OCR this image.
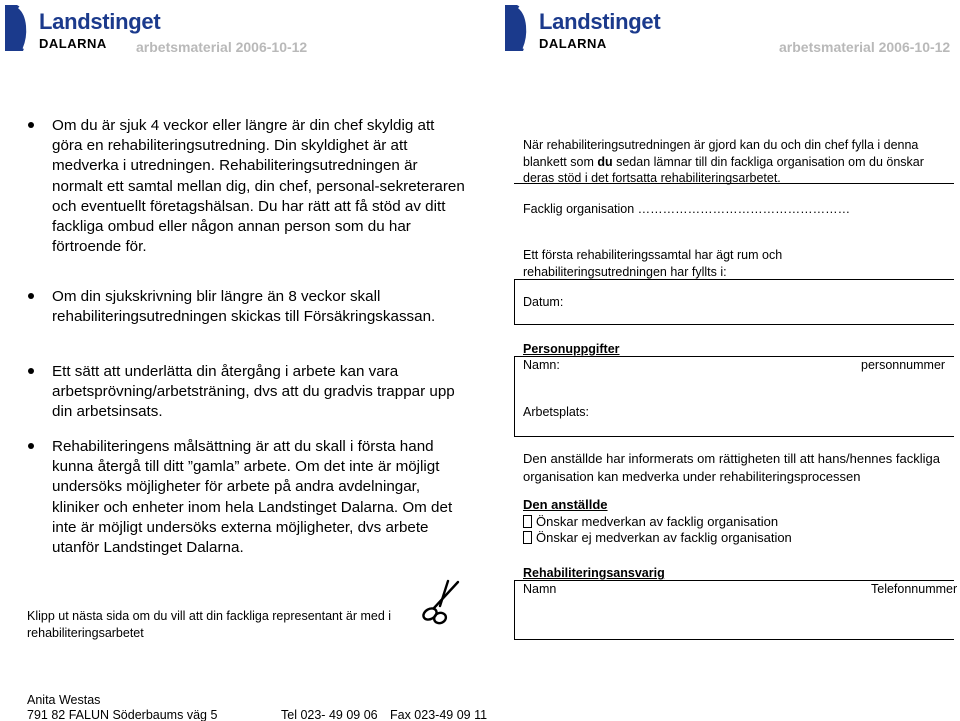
Landstinget
DALARNA arbetsmaterial 2006-10-12
Landstinget
DALARNA	arbetsmaterial 2006-10-12
Om du är sjuk 4 veckor eller längre är din chef skyldig att göra en rehabiliteringsutredning. Din skyldighet är att medverka i utredningen. Rehabiliteringsutredningen är normalt ett samtal mellan dig, din chef, personal-sekreteraren och eventuellt företagshälsan. Du har rätt att få stöd av ditt fackliga ombud eller någon annan person som du har förtroende för.
Om din sjukskrivning blir längre än 8 veckor skall rehabiliteringsutredningen skickas till Försäkringskassan.
Ett sätt att underlätta din återgång i arbete kan vara arbetsprövning/arbetsträning, dvs att du gradvis trappar upp din arbetsinsats.
Rehabiliteringens målsättning är att du skall i första hand kunna återgå till ditt ”gamla” arbete. Om det inte är möjligt undersöks möjligheter för arbete på andra avdelningar, kliniker och enheter inom hela Landstinget Dalarna. Om det inte är möjligt undersöks externa möjligheter, dvs arbete utanför Landstinget Dalarna.
Klipp ut nästa sida om du vill att din fackliga representant är med i rehabiliteringsarbetet
Anita Westas
791 82 FALUN Söderbaums väg 5	Tel 023- 49 09 06 Fax 023-49 09 11
När rehabiliteringsutredningen är gjord kan du och din chef fylla i denna blankett som du sedan lämnar till din fackliga organisation om du önskar deras stöd i det fortsatta rehabiliteringsarbetet.
Facklig organisation ……………………………………………
Ett första rehabiliteringssamtal har ägt rum och rehabiliteringsutredningen har fyllts i:
Datum:
Personuppgifter
Namn:	personnummer
Arbetsplats:
Den anställde har informerats om rättigheten till att hans/hennes fackliga organisation kan medverka under rehabiliteringsprocessen
Den anställde
Önskar medverkan av facklig organisation
Önskar ej medverkan av facklig organisation
Rehabiliteringsansvarig
Namn	Telefonnummer
